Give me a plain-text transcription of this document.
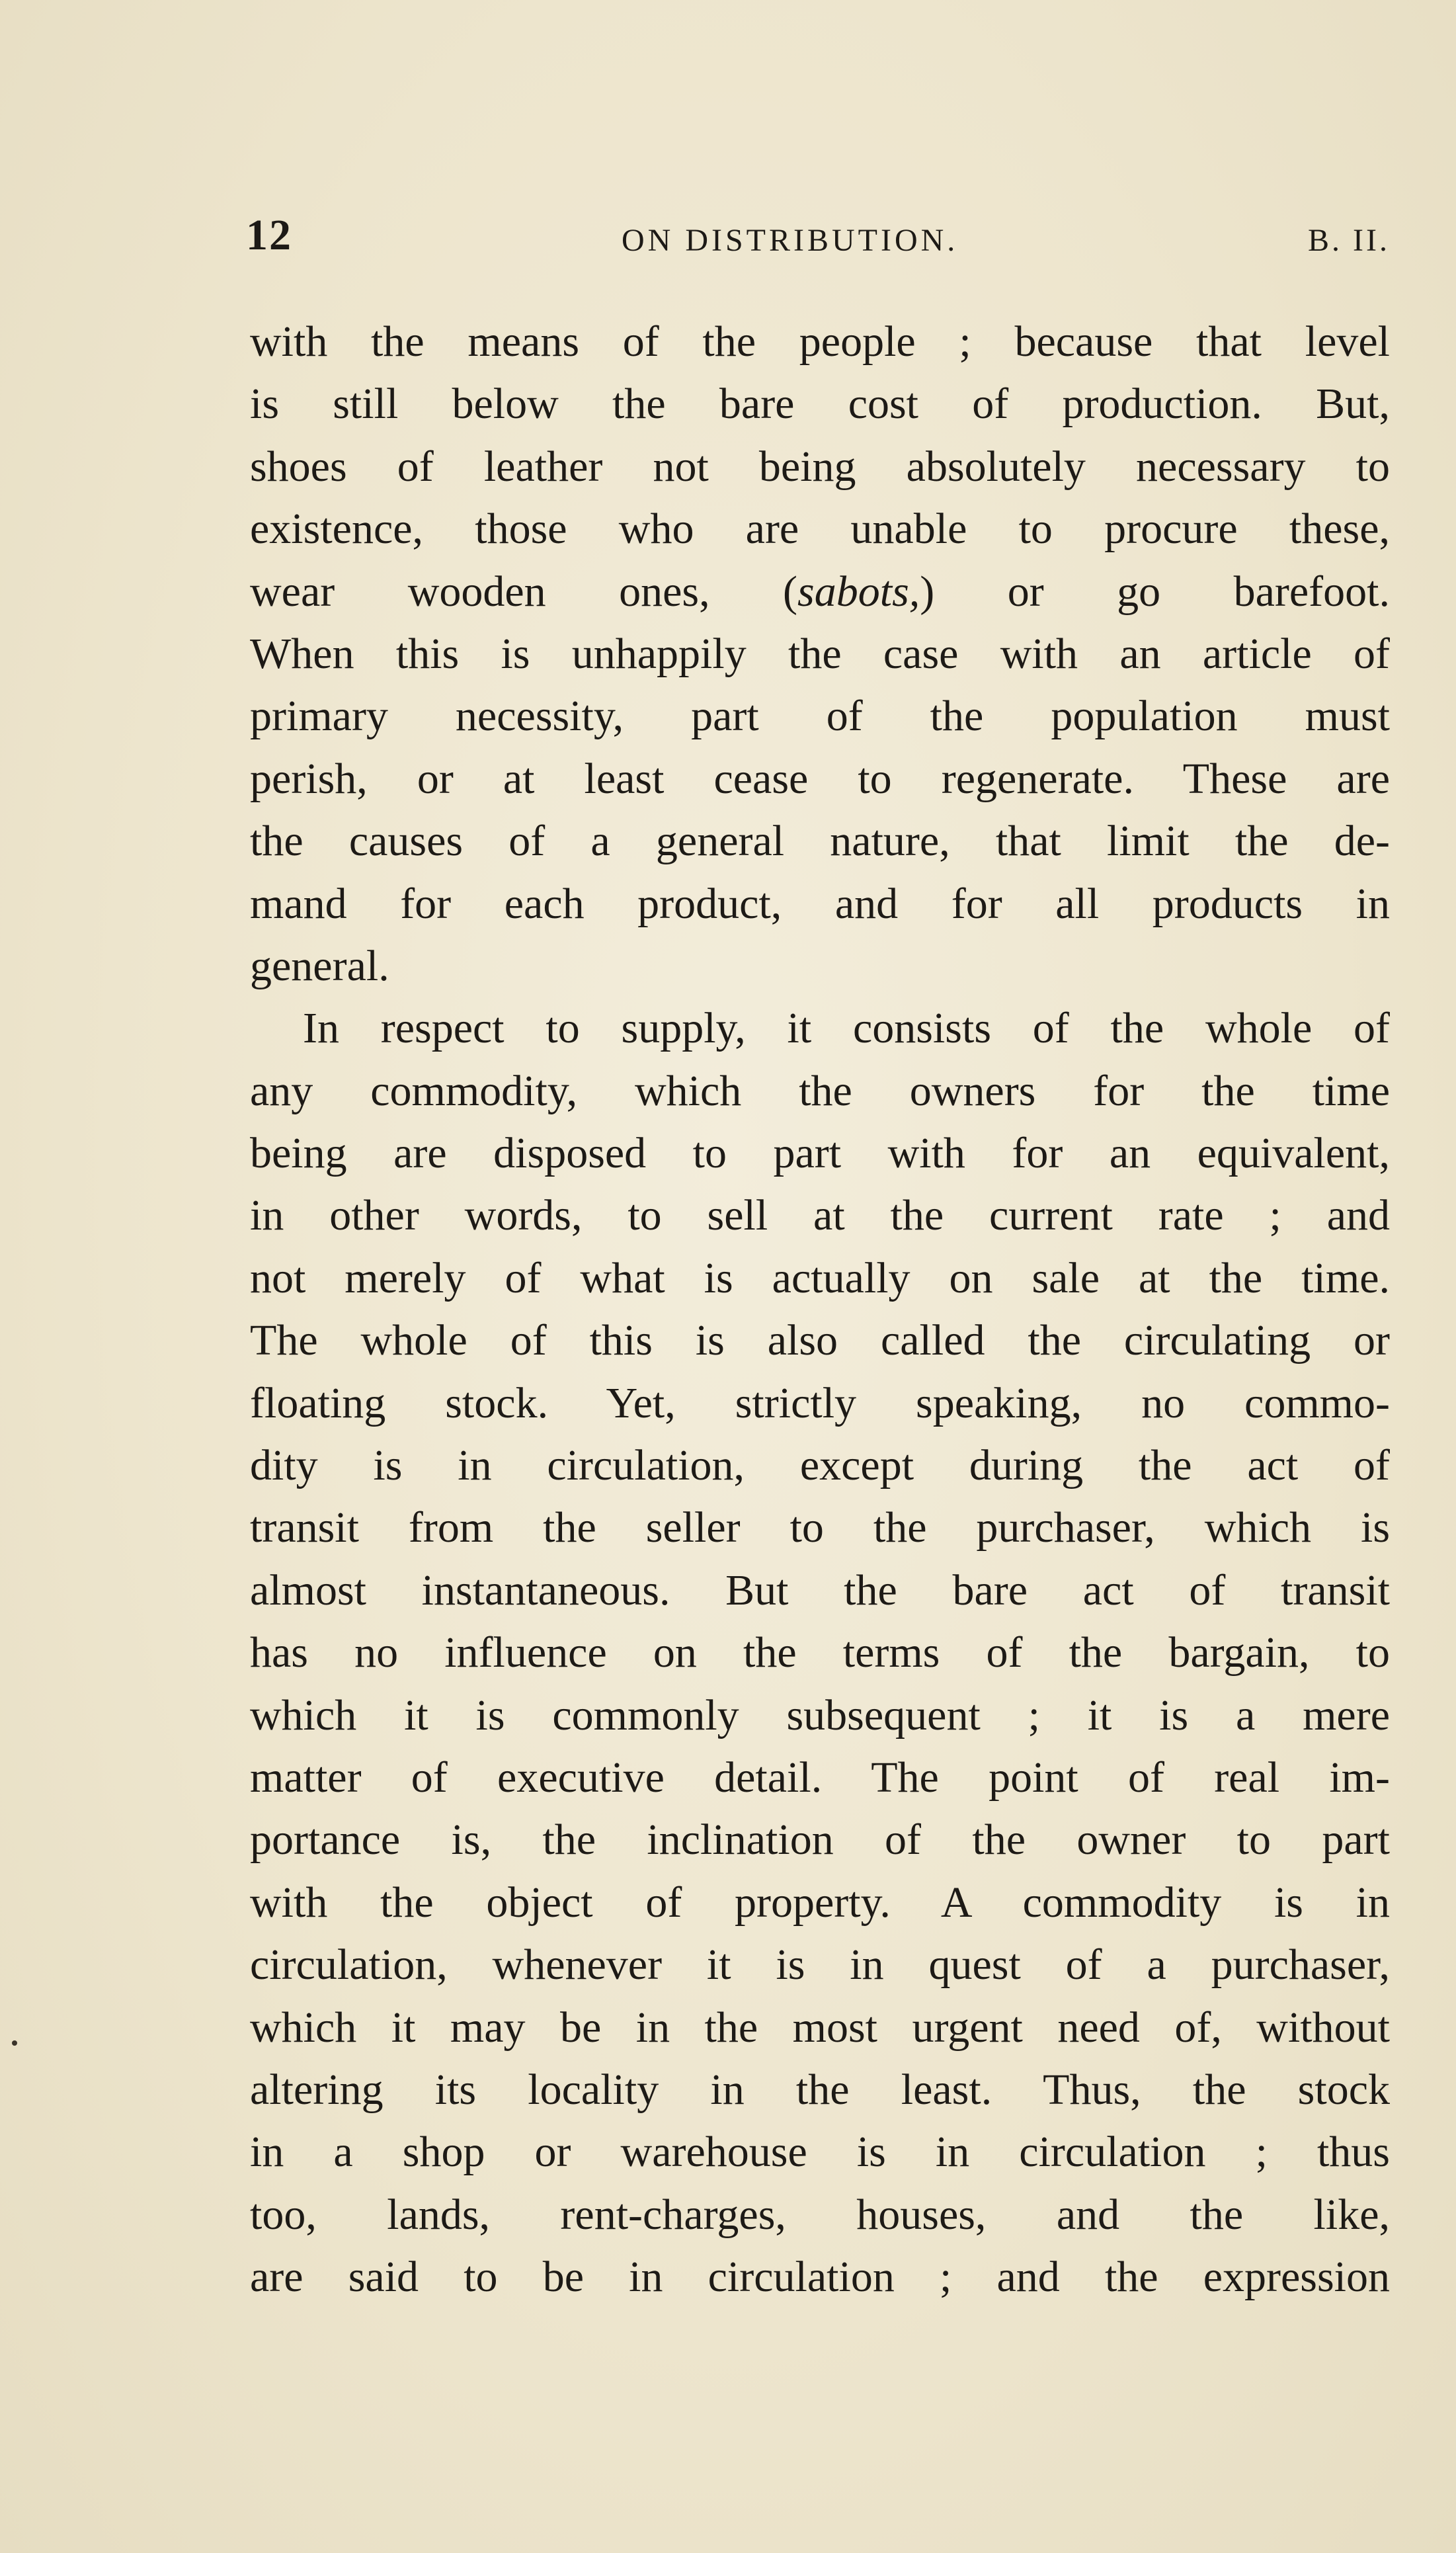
12	ON DISTRIBUTION.	B. II.
with the means of the people ; because that level
is still below the bare cost of production. But,
shoes of leather not being absolutely necessary to
existence, those who are unable to procure these,
wear wooden ones, (sabots,) or go barefoot.
When this is unhappily the case with an article of
primary necessity, part of the population must
perish, or at least cease to regenerate. These are
the causes of a general nature, that limit the de-
mand for each product, and for all products in
general.
In respect to supply, it consists of the whole of
any commodity, which the owners for the time
being are disposed to part with for an equivalent,
in other words, to sell at the current rate ; and
not merely of what is actually on sale at the time.
The whole of this is also called the circulating or
floating stock. Yet, strictly speaking, no commo-
dity is in circulation, except during the act of
transit from the seller to the purchaser, which is
almost instantaneous. But the bare act of transit
has no influence on the terms of the bargain, to
which it is commonly subsequent ; it is a mere
matter of executive detail. The point of real im-
portance is, the inclination of the owner to part
with the object of property. A commodity is in
circulation, whenever it is in quest of a purchaser,
which it may be in the most urgent need of, without
altering its locality in the least. Thus, the stock
in a shop or warehouse is in circulation ; thus
too, lands, rent-charges, houses, and the like,
are said to be in circulation ; and the expression
